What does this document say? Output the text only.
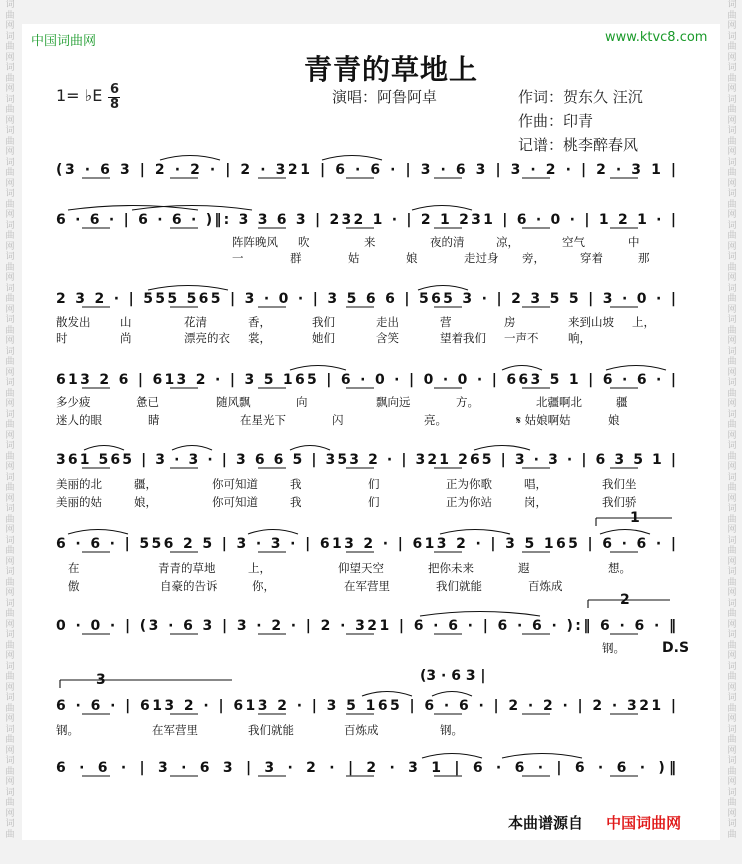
词
曲
网
词
曲
网
词
曲
网
词
曲
网
词
曲
网
词
曲
网
词
曲
网
词
曲
网
词
曲
网
词
曲
网
词
曲
网
词
曲
网
词
曲
网
词
曲
网
词
曲
网
词
曲
网
词
曲
网
词
曲
网
词
曲
网
词
曲
网
词
曲
网
词
曲
网
词
曲
网
词
曲
网
词
曲
网
词
曲
网
词
曲

词
曲
网
词
曲
网
词
曲
网
词
曲
网
词
曲
网
词
曲
网
词
曲
网
词
曲
网
词
曲
网
词
曲
网
词
曲
网
词
曲
网
词
曲
网
词
曲
网
词
曲
网
词
曲
网
词
曲
网
词
曲
网
词
曲
网
词
曲
网
词
曲
网
词
曲
网
词
曲
网
词
曲
网
词
曲
网
词
曲
网
词
曲

中国词曲网	www.ktvc8.com
青青的草地上
1= ♭E 6
8	演唱：阿鲁阿卓	作词：贺东久 汪沉
作曲：印青
记谱：桃李醉春风
(3 · 6 3 | 2 · 2 · | 2 · 321 | 6 · 6 · | 3 · 6 3 | 3 · 2 · | 2 · 3 1 |
6 · 6 · | 6 · 6 · )‖: 3 3 6 3 | 232 1 · | 2 1 231 | 6 · 0 · | 1 2 1 · |
2 3 2 · | 555 565 | 3 · 0 · | 3 5 6 6 | 565 3 · | 2 3 5 5 | 3 · 0 · |
613 2 6 | 613 2 · | 3 5 165 | 6 · 0 · | 0 · 0 · | 663 5 1 | 6 · 6 · |
361 565 | 3 · 3 · | 3 6 6 5 | 353 2 · | 321 265 | 3 · 3 · | 6 3 5 1 |
6 · 6 · | 556 2 5 | 3 · 3 · | 613 2 · | 613 2 · | 3 5 165 | 6 · 6 · |
0 · 0 · | (3 · 6 3 | 3 · 2 · | 2 · 321 | 6 · 6 · | 6 · 6 · ):‖ 6 · 6 · ‖
6 · 6 · | 613 2 · | 613 2 · | 3 5 165 | 6 · 6 · | 2 · 2 · | 2 · 321 |
6 · 6 · | 3 · 6 3 | 3 · 2 · | 2 · 3 1 | 6 · 6 · | 6 · 6 · )‖
(3 · 6 3 |
1
2
3
D.S
阵阵晚风 吹	来	夜的清	凉，	空气	中
一	群	姑	娘	走过身 旁，	穿着	那
散发出	山	花清	香，	我们	走出	营	房	来到山坡 上，
时	尚	漂亮的衣 裳，	她们	含笑	望着我们 一声不	响，
多少疲	惫已	随风飘	向	飘向远	方。	北疆啊北	疆
迷人的眼	睛	在星光下	闪	亮。	𝄋 姑娘啊姑	娘
美丽的北	疆，	你可知道	我	们	正为你歌	唱，	我们坐
美丽的姑	娘，	你可知道	我	们	正为你站	岗，	我们骄
在	青青的草地	上，	仰望天空	把你未来	遐	想。
傲	自豪的告诉	你，	在军营里	我们就能	百炼成
钢。
钢。	在军营里	我们就能	百炼成	钢。
本曲谱源自 中国词曲网
